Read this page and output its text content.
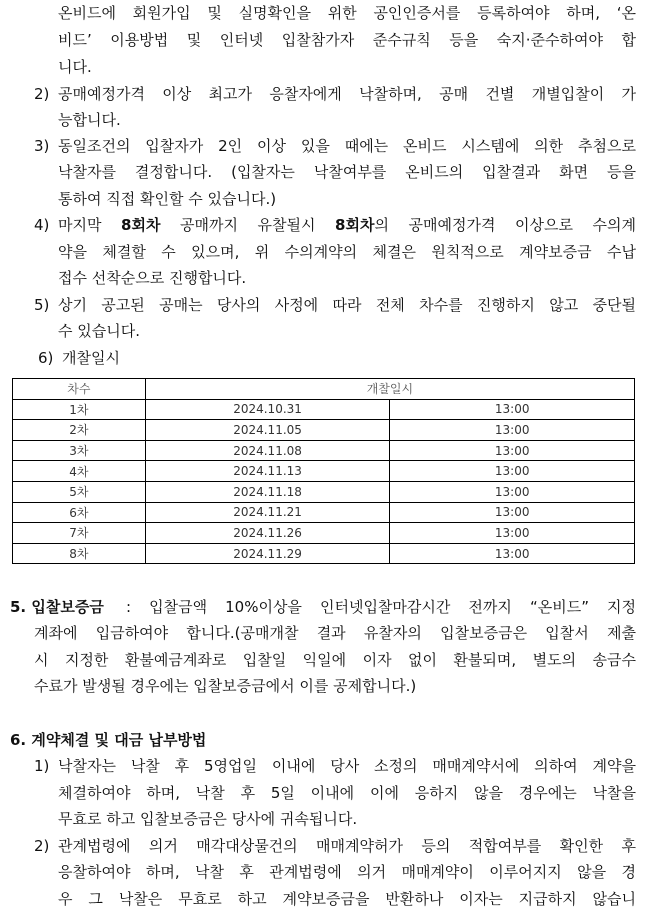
온비드에 회원가입 및 실명확인을 위한 공인인증서를 등록하여야 하며, ‘온

비드’ 이용방법 및 인터넷 입찰참가자 준수규칙 등을 숙지·준수하여야 합

니다.

2) 공매예정가격 이상 최고가 응찰자에게 낙찰하며, 공매 건별 개별입찰이 가

능합니다.

3) 동일조건의 입찰자가 2인 이상 있을 때에는 온비드 시스템에 의한 추첨으로

낙찰자를 결정합니다. (입찰자는 낙찰여부를 온비드의 입찰결과 화면 등을

통하여 직접 확인할 수 있습니다.)

4) 마지막 8회차 공매까지 유찰될시 8회차의 공매예정가격 이상으로 수의계

약을 체결할 수 있으며, 위 수의계약의 체결은 원칙적으로 계약보증금 수납

접수 선착순으로 진행합니다.

5) 상기 공고된 공매는 당사의 사정에 따라 전체 차수를 진행하지 않고 중단될

수 있습니다.

6) 개찰일시
차수	개찰일시	
1차	2024.10.31	13:00
2차	2024.11.05	13:00
3차	2024.11.08	13:00
4차	2024.11.13	13:00
5차	2024.11.18	13:00
6차	2024.11.21	13:00
7차	2024.11.26	13:00
8차	2024.11.29	13:00
5. 입찰보증금 : 입찰금액 10%이상을 인터넷입찰마감시간 전까지 “온비드” 지정

계좌에 입금하여야 합니다.(공매개찰 결과 유찰자의 입찰보증금은 입찰서 제출

시 지정한 환불예금계좌로 입찰일 익일에 이자 없이 환불되며, 별도의 송금수

수료가 발생될 경우에는 입찰보증금에서 이를 공제합니다.)

6. 계약체결 및 대금 납부방법
1) 낙찰자는 낙찰 후 5영업일 이내에 당사 소정의 매매계약서에 의하여 계약을

체결하여야 하며, 낙찰 후 5일 이내에 이에 응하지 않을 경우에는 낙찰을

무효로 하고 입찰보증금은 당사에 귀속됩니다.

2) 관계법령에 의거 매각대상물건의 매매계약허가 등의 적합여부를 확인한 후

응찰하여야 하며, 낙찰 후 관계법령에 의거 매매계약이 이루어지지 않을 경

우 그 낙찰은 무효로 하고 계약보증금을 반환하나 이자는 지급하지 않습니
